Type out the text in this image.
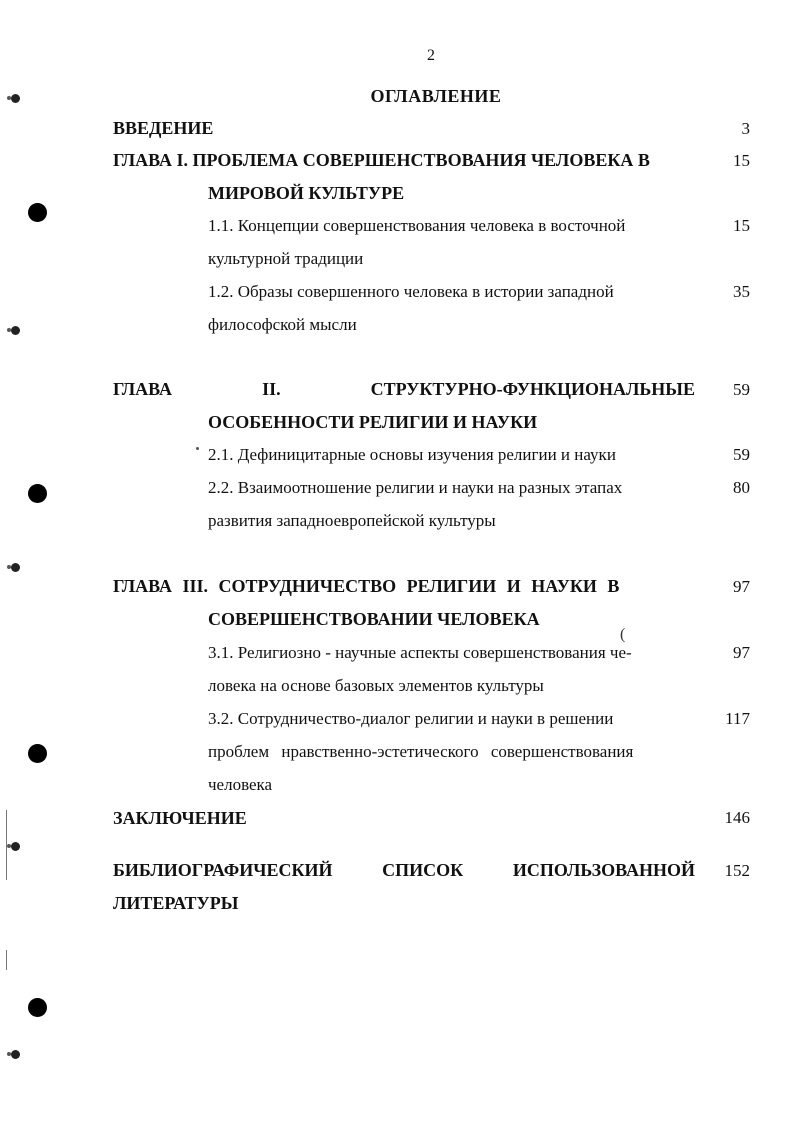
(
2
ОГЛАВЛЕНИЕ
ВВЕДЕНИЕ	3
ГЛАВА I. ПРОБЛЕМА СОВЕРШЕНСТВОВАНИЯ ЧЕЛОВЕКА В	15
МИРОВОЙ КУЛЬТУРЕ
1.1. Концепции совершенствования человека в восточной	15
культурной традиции
1.2. Образы совершенного человека в истории западной	35
философской мысли
ГЛАВА	II.	СТРУКТУРНО-ФУНКЦИОНАЛЬНЫЕ 59
ОСОБЕННОСТИ РЕЛИГИИ И НАУКИ
2.1. Дефиницитарные основы изучения религии и науки	59
2.2. Взаимоотношение религии и науки на разных этапах	80
развития западноевропейской культуры
ГЛАВА III. СОТРУДНИЧЕСТВО РЕЛИГИИ И НАУКИ В	97
СОВЕРШЕНСТВОВАНИИ ЧЕЛОВЕКА
3.1. Религиозно - научные аспекты совершенствования че-	97
ловека на основе базовых элементов культуры
3.2. Сотрудничество-диалог религии и науки в решении	117
проблем нравственно-эстетического совершенствования
человека
ЗАКЛЮЧЕНИЕ	146
БИБЛИОГРАФИЧЕСКИЙ	СПИСОК	ИСПОЛЬЗОВАННОЙ 152
ЛИТЕРАТУРЫ
